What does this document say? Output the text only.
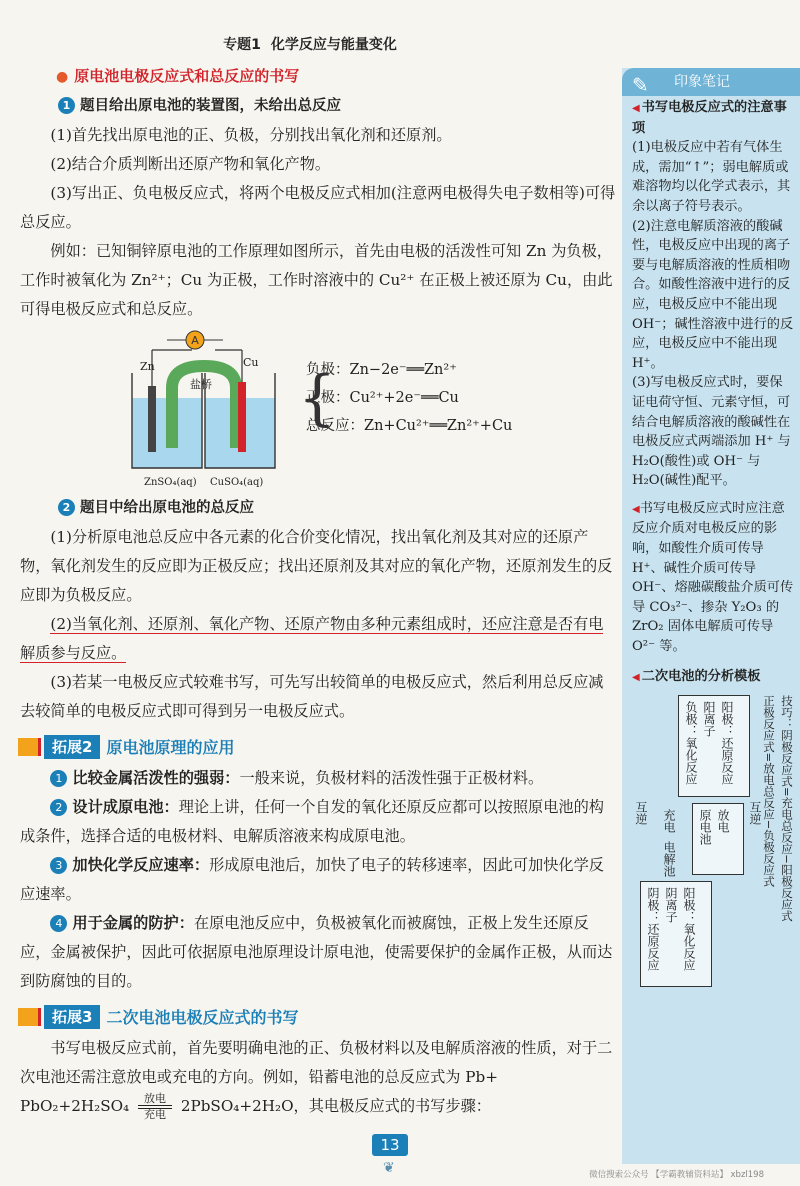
专题1 化学反应与能量变化

● 原电池电极反应式和总反应的书写

1 题目给出原电池的装置图，未给出总反应

(1)首先找出原电池的正、负极，分别找出氧化剂和还原剂。

(2)结合介质判断出还原产物和氧化产物。

(3)写出正、负电极反应式，将两个电极反应式相加(注意两电极得失电子数相等)可得总反应。

例如：已知铜锌原电池的工作原理如图所示，首先由电极的活泼性可知 Zn 为负极，工作时被氧化为 Zn²⁺；Cu 为正极，工作时溶液中的 Cu²⁺ 在正极上被还原为 Cu，由此可得电极反应式和总反应。

A
Zn	Cu
盐桥
ZnSO₄(aq) CuSO₄(aq)
{
负极：Zn−2e⁻══Zn²⁺
正极：Cu²⁺+2e⁻══Cu
总反应：Zn+Cu²⁺══Zn²⁺+Cu

2 题目中给出原电池的总反应

(1)分析原电池总反应中各元素的化合价变化情况，找出氧化剂及其对应的还原产物，氧化剂发生的反应即为正极反应；找出还原剂及其对应的氧化产物，还原剂发生的反应即为负极反应。

(2)当氧化剂、还原剂、氧化产物、还原产物由多种元素组成时，还应注意是否有电解质参与反应。

(3)若某一电极反应式较难书写，可先写出较简单的电极反应式，然后利用总反应减去较简单的电极反应式即可得到另一电极反应式。

拓展2 原电池原理的应用

1 比较金属活泼性的强弱：一般来说，负极材料的活泼性强于正极材料。

2 设计成原电池：理论上讲，任何一个自发的氧化还原反应都可以按照原电池的构成条件，选择合适的电极材料、电解质溶液来构成原电池。

3 加快化学反应速率：形成原电池后，加快了电子的转移速率，因此可加快化学反应速率。

4 用于金属的防护：在原电池反应中，负极被氧化而被腐蚀，正极上发生还原反应，金属被保护，因此可依据原电池原理设计原电池，使需要保护的金属作正极，从而达到防腐蚀的目的。

拓展3 二次电池电极反应式的书写

书写电极反应式前，首先要明确电池的正、负极材料以及电解质溶液的性质，对于二次电池还需注意放电或充电的方向。例如，铅蓄电池的总反应式为 Pb+

PbO₂+2H₂SO₄	放电
充电 2PbSO₄+2H₂O，其电极反应式的书写步骤：

✎ 印象笔记

◀ 书写电极反应式的注意事项

(1)电极反应中若有气体生成，需加“↑”；弱电解质或难溶物均以化学式表示，其余以离子符号表示。

(2)注意电解质溶液的酸碱性，电极反应中出现的离子要与电解质溶液的性质相吻合。如酸性溶液中进行的反应，电极反应中不能出现 OH⁻；碱性溶液中进行的反应，电极反应中不能出现 H⁺。

(3)写电极反应式时，要保证电荷守恒、元素守恒，可结合电解质溶液的酸碱性在电极反应式两端添加 H⁺ 与 H₂O(酸性)或 OH⁻ 与 H₂O(碱性)配平。

◀书写电极反应式时应注意反应介质对电极反应的影响，如酸性介质可传导 H⁺、碱性介质可传导 OH⁻、熔融碳酸盐介质可传导 CO₃²⁻、掺杂 Y₂O₃ 的 ZrO₂ 固体电解质可传导 O²⁻ 等。

◀ 二次电池的分析模板

负极：氧化反应 阳离子 阳极：还原反应
原电池 放电
充电
电解池
阴极：还原反应 阴离子 阳极：氧化反应
互逆	互逆 正极反应式=放电总反应−负极反应式 技巧：阴极反应式=充电总反应−阳极反应式
13
❦	微信搜索公众号 【学霸教辅资料站】 xbzl198
